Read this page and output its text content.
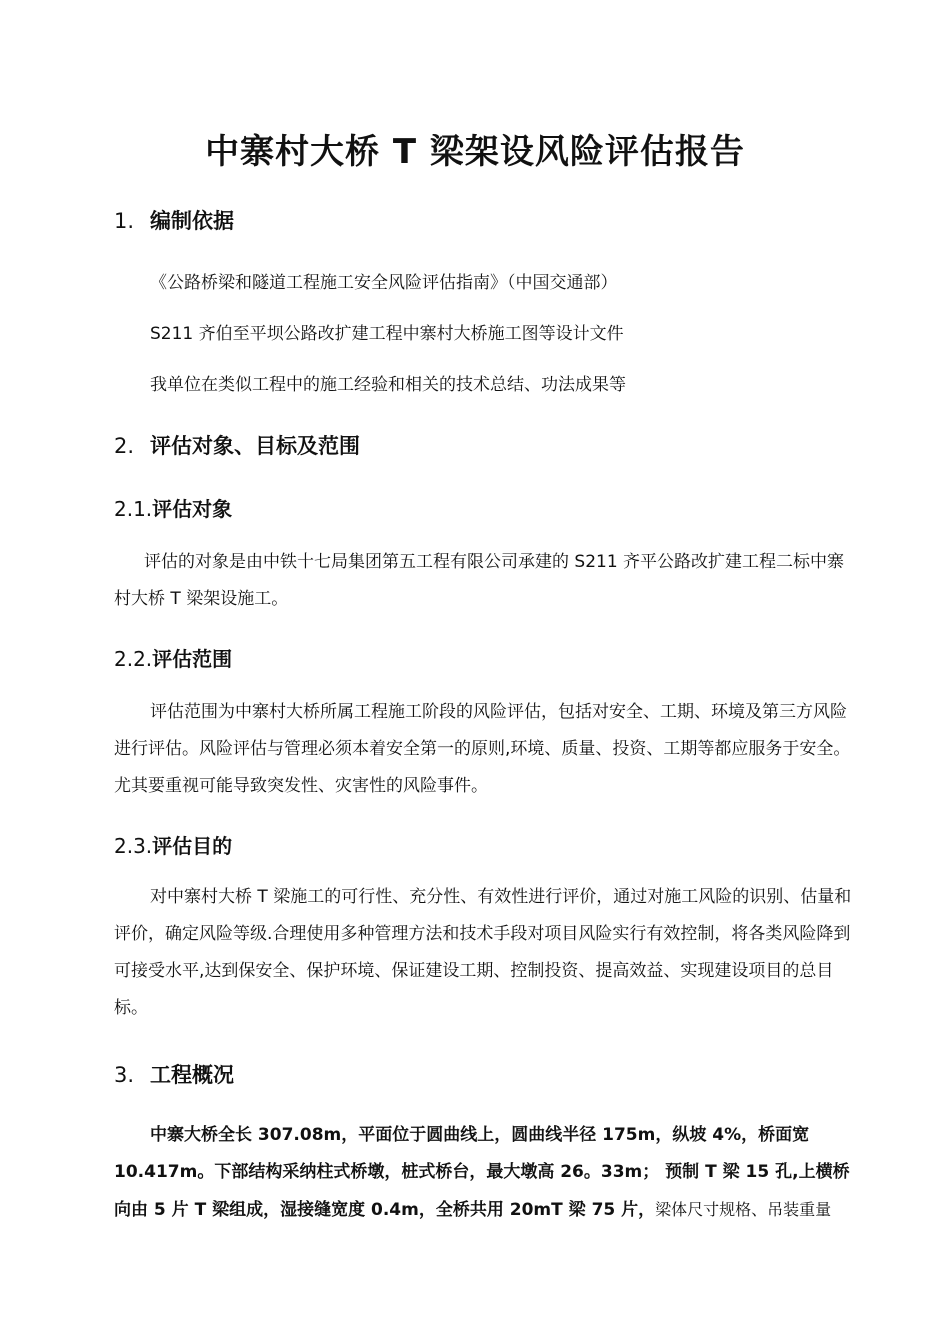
中寨村大桥 T 梁架设风险评估报告
1. 编制依据
《公路桥梁和隧道工程施工安全风险评估指南》（中国交通部）
S211 齐伯至平坝公路改扩建工程中寨村大桥施工图等设计文件
我单位在类似工程中的施工经验和相关的技术总结、功法成果等
2. 评估对象、目标及范围
2.1.评估对象
评估的对象是由中铁十七局集团第五工程有限公司承建的 S211 齐平公路改扩建工程二标中寨村大桥 T 梁架设施工。
2.2.评估范围
评估范围为中寨村大桥所属工程施工阶段的风险评估，包括对安全、工期、环境及第三方风险进行评估。风险评估与管理必须本着安全第一的原则,环境、质量、投资、工期等都应服务于安全。尤其要重视可能导致突发性、灾害性的风险事件。
2.3.评估目的
对中寨村大桥 T 梁施工的可行性、充分性、有效性进行评价，通过对施工风险的识别、估量和评价，确定风险等级.合理使用多种管理方法和技术手段对项目风险实行有效控制，将各类风险降到可接受水平,达到保安全、保护环境、保证建设工期、控制投资、提高效益、实现建设项目的总目标。
3. 工程概况
中寨大桥全长 307.08m，平面位于圆曲线上，圆曲线半径 175m，纵坡 4%，桥面宽 10.417m。下部结构采纳柱式桥墩，桩式桥台，最大墩高 26。33m； 预制 T 梁 15 孔,上横桥向由 5 片 T 梁组成，湿接缝宽度 0.4m，全桥共用 20mT 梁 75 片，梁体尺寸规格、吊装重量
